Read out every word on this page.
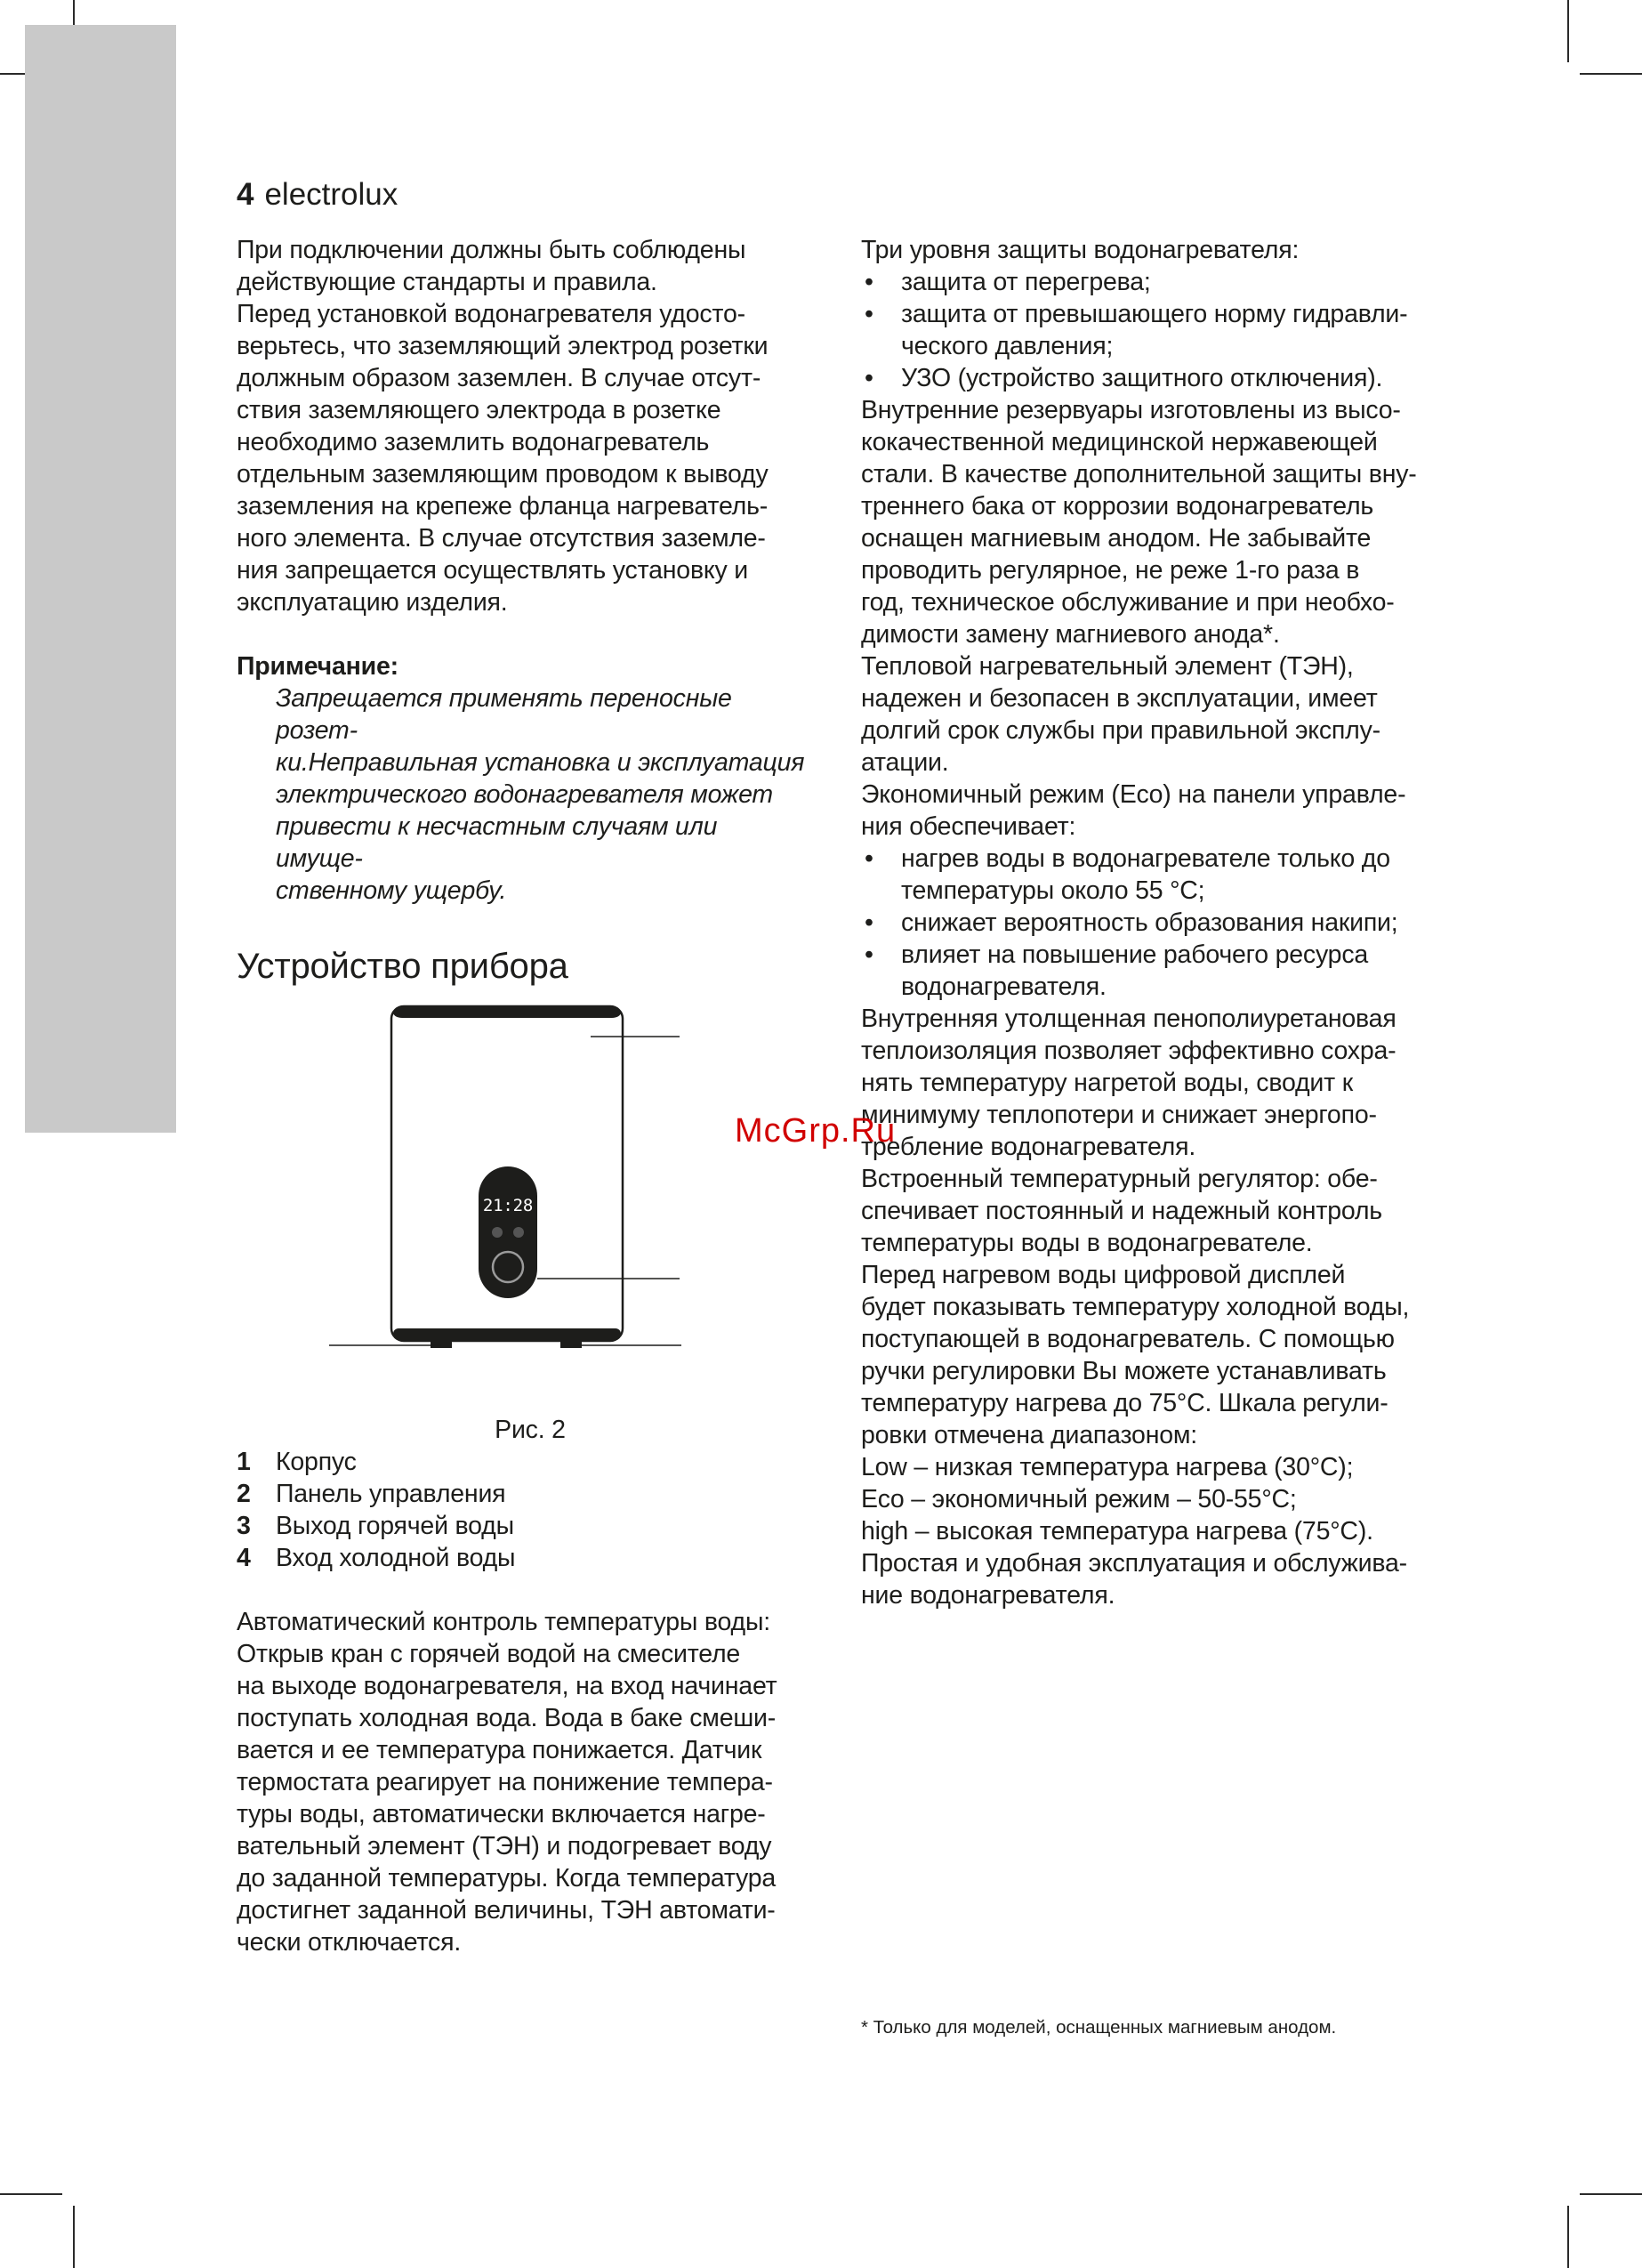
4 electrolux

При подключении должны быть соблюдены
действующие стандарты и правила.
Перед установкой водонагревателя удосто-
верьтесь, что заземляющий электрод розетки
должным образом заземлен. В случае отсут-
ствия заземляющего электрода в розетке
необходимо заземлить водонагреватель
отдельным заземляющим проводом к выводу
заземления на крепеже фланца нагреватель-
ного элемента. В случае отсутствия заземле-
ния запрещается осуществлять установку и
эксплуатацию изделия.

Примечание:

Запрещается применять переносные розет-
ки.Неправильная установка и эксплуатация
электрического водонагревателя может
привести к несчастным случаям или имуще-
ственному ущербу.

Устройство прибора

21:28

Рис. 2

1 Корпус

2 Панель управления

3 Выход горячей воды

4 Вход холодной воды

Автоматический контроль температуры воды:
Открыв кран с горячей водой на смесителе
на выходе водонагревателя, на вход начинает
поступать холодная вода. Вода в баке смеши-
вается и ее температура понижается. Датчик
термостата реагирует на понижение темпера-
туры воды, автоматически включается нагре-
вательный элемент (ТЭН) и подогревает воду
до заданной температуры. Когда температура
достигнет заданной величины, ТЭН автомати-
чески отключается.

Три уровня защиты водонагревателя:

• защита от перегрева;
• защита от превышающего норму гидравли-
ческого давления;
• УЗО (устройство защитного отключения).

Внутренние резервуары изготовлены из высо-
кокачественной медицинской нержавеющей
стали. В качестве дополнительной защиты вну-
треннего бака от коррозии водонагреватель
оснащен магниевым анодом. Не забывайте
проводить регулярное, не реже 1-го раза в
год, техническое обслуживание и при необхо-
димости замену магниевого анода*.
Тепловой нагревательный элемент (ТЭН),
надежен и безопасен в эксплуатации, имеет
долгий срок службы при правильной эксплу-
атации.
Экономичный режим (Eco) на панели управле-
ния обеспечивает:

• нагрев воды в водонагревателе только до
температуры около 55 °С;
• снижает вероятность образования накипи;
• влияет на повышение рабочего ресурса
водонагревателя.

Внутренняя утолщенная пенополиуретановая
теплоизоляция позволяет эффективно сохра-
нять температуру нагретой воды, сводит к
минимуму теплопотери и снижает энергопо-
требление водонагревателя.
Встроенный температурный регулятор: обе-
спечивает постоянный и надежный контроль
температуры воды в водонагревателе.
Перед нагревом воды цифровой дисплей
будет показывать температуру холодной воды,
поступающей в водонагреватель. С помощью
ручки регулировки Вы можете устанавливать
температуру нагрева до 75°С. Шкала регули-
ровки отмечена диапазоном:
Low – низкая температура нагрева (30°С);
Eco – экономичный режим – 50-55°С;
high – высокая температура нагрева (75°С).
Простая и удобная эксплуатация и обслужива-
ние водонагревателя.

* Только для моделей, оснащенных магниевым анодом.
McGrp.Ru
